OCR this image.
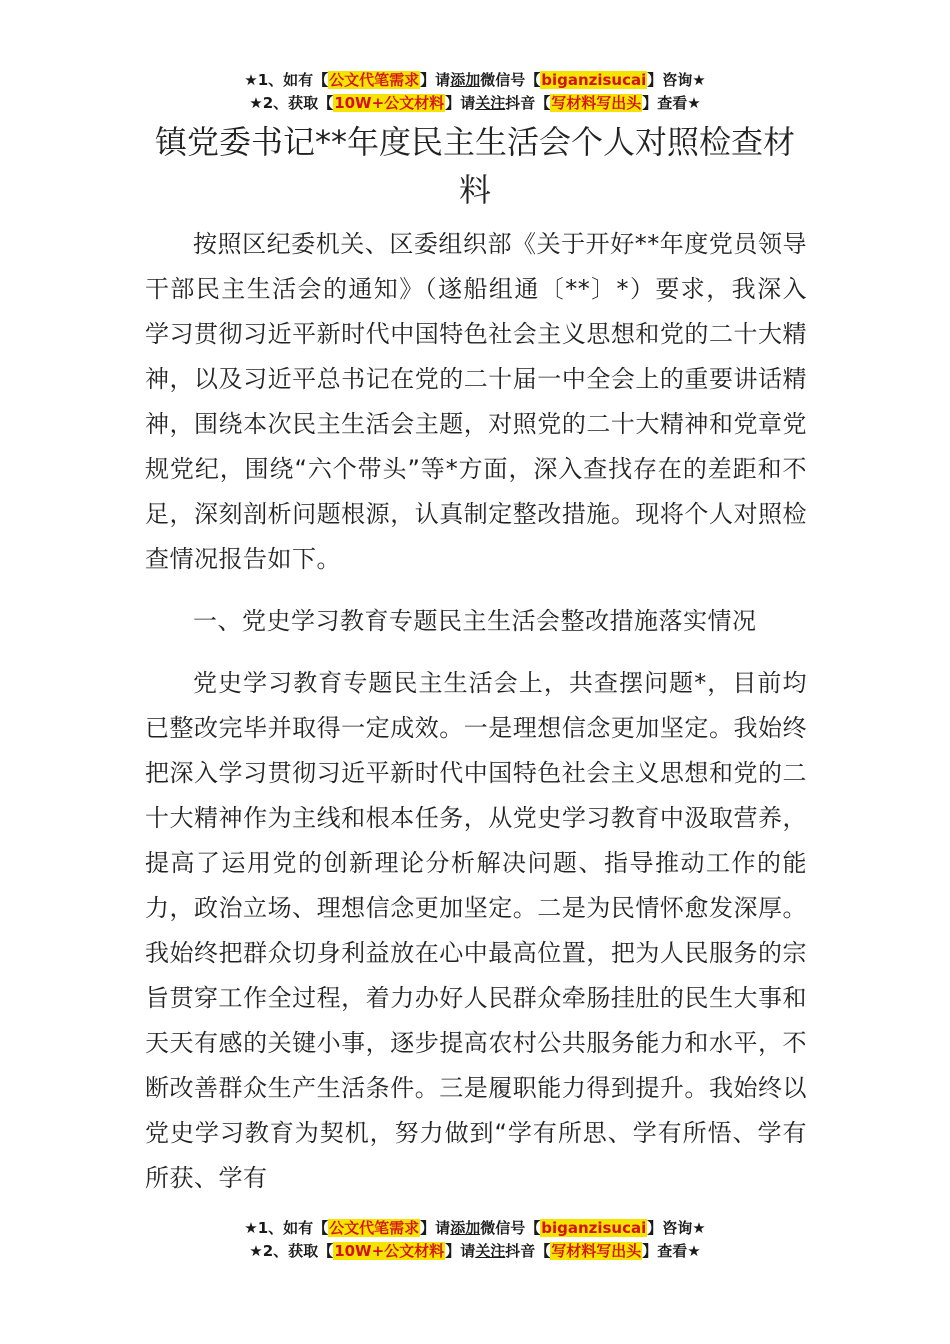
★1、如有【公文代笔需求】请添加微信号【biganzisucai】咨询★
★2、获取【10W+公文材料】请关注抖音【写材料写出头】查看★
镇党委书记**年度民主生活会个人对照检查材料

按照区纪委机关、区委组织部《关于开好**年度党员领导干部民主生活会的通知》（遂船组通〔**〕*）要求，我深入学习贯彻习近平新时代中国特色社会主义思想和党的二十大精神，以及习近平总书记在党的二十届一中全会上的重要讲话精神，围绕本次民主生活会主题，对照党的二十大精神和党章党规党纪，围绕“六个带头”等*方面，深入查找存在的差距和不足，深刻剖析问题根源，认真制定整改措施。现将个人对照检查情况报告如下。

一、党史学习教育专题民主生活会整改措施落实情况

党史学习教育专题民主生活会上，共查摆问题*，目前均已整改完毕并取得一定成效。一是理想信念更加坚定。我始终把深入学习贯彻习近平新时代中国特色社会主义思想和党的二十大精神作为主线和根本任务，从党史学习教育中汲取营养，提高了运用党的创新理论分析解决问题、指导推动工作的能力，政治立场、理想信念更加坚定。二是为民情怀愈发深厚。我始终把群众切身利益放在心中最高位置，把为人民服务的宗旨贯穿工作全过程，着力办好人民群众牵肠挂肚的民生大事和天天有感的关键小事，逐步提高农村公共服务能力和水平，不断改善群众生产生活条件。三是履职能力得到提升。我始终以党史学习教育为契机，努力做到“学有所思、学有所悟、学有所获、学有

★1、如有【公文代笔需求】请添加微信号【biganzisucai】咨询★
★2、获取【10W+公文材料】请关注抖音【写材料写出头】查看★
